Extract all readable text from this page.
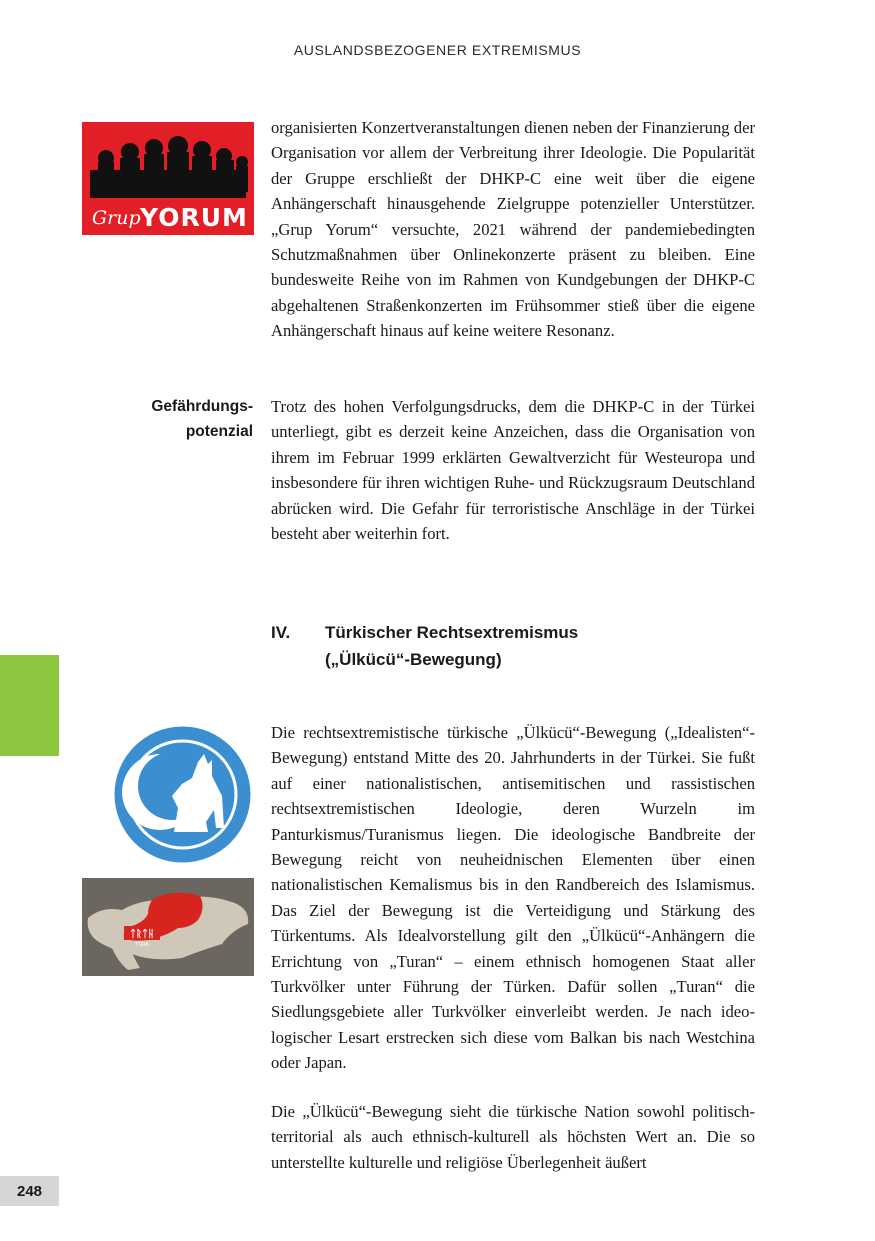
AUSLANDSBEZOGENER EXTREMISMUS
Grup YORUM

organisierten Konzertveranstaltungen dienen neben der Finanzierung der Organisation vor allem der Verbreitung ihrer Ideologie. Die Popularität der Gruppe erschließt der DHKP-C eine weit über die eigene Anhängerschaft hinausgehende Zielgruppe potenzieller Unterstützer. „Grup Yorum“ versuchte, 2021 während der pandemiebedingten Schutzmaßnahmen über Onlinekonzerte präsent zu bleiben. Eine bundesweite Reihe von im Rahmen von Kundgebungen der DHKP-C abgehaltenen Straßenkonzerten im Frühsommer stieß über die eigene Anhängerschaft hinaus auf keine weitere Resonanz.

Gefährdungs-
potenzial

Trotz des hohen Verfolgungsdrucks, dem die DHKP-C in der Türkei unterliegt, gibt es derzeit keine Anzeichen, dass die Organisation von ihrem im Februar 1999 erklärten Gewaltverzicht für Westeuropa und insbesondere für ihren wichtigen Ruhe- und Rückzugsraum Deutschland abrücken wird. Die Gefahr für terroristische Anschläge in der Türkei besteht aber weiterhin fort.

IV. Türkischer Rechtsextremismus
(„Ülkücü“-Bewegung)
ᛏᚱᛏᚺ
TÜRK

Die rechtsextremistische türkische „Ülkücü“-Bewegung („Idealisten“-Bewegung) entstand Mitte des 20. Jahrhunderts in der Türkei. Sie fußt auf einer nationalistischen, antisemitischen und rassistischen rechtsextremistischen Ideologie, deren Wurzeln im Panturkismus/Turanismus liegen. Die ideologische Bandbreite der Bewegung reicht von neuheidnischen Elementen über einen nationalistischen Kemalismus bis in den Randbereich des Islamismus. Das Ziel der Bewegung ist die Verteidigung und Stärkung des Türkentums. Als Idealvorstellung gilt den „Ülkücü“-Anhängern die Errichtung von „Turan“ – einem ethnisch homogenen Staat aller Turkvölker unter Führung der Türken. Dafür sollen „Turan“ die Siedlungsgebiete aller Turkvölker einverleibt werden. Je nach ideologischer Lesart erstrecken sich diese vom Balkan bis nach Westchina oder Japan.

Die „Ülkücü“-Bewegung sieht die türkische Nation sowohl politisch-territorial als auch ethnisch-kulturell als höchsten Wert an. Die so unterstellte kulturelle und religiöse Überlegenheit äußert

248
